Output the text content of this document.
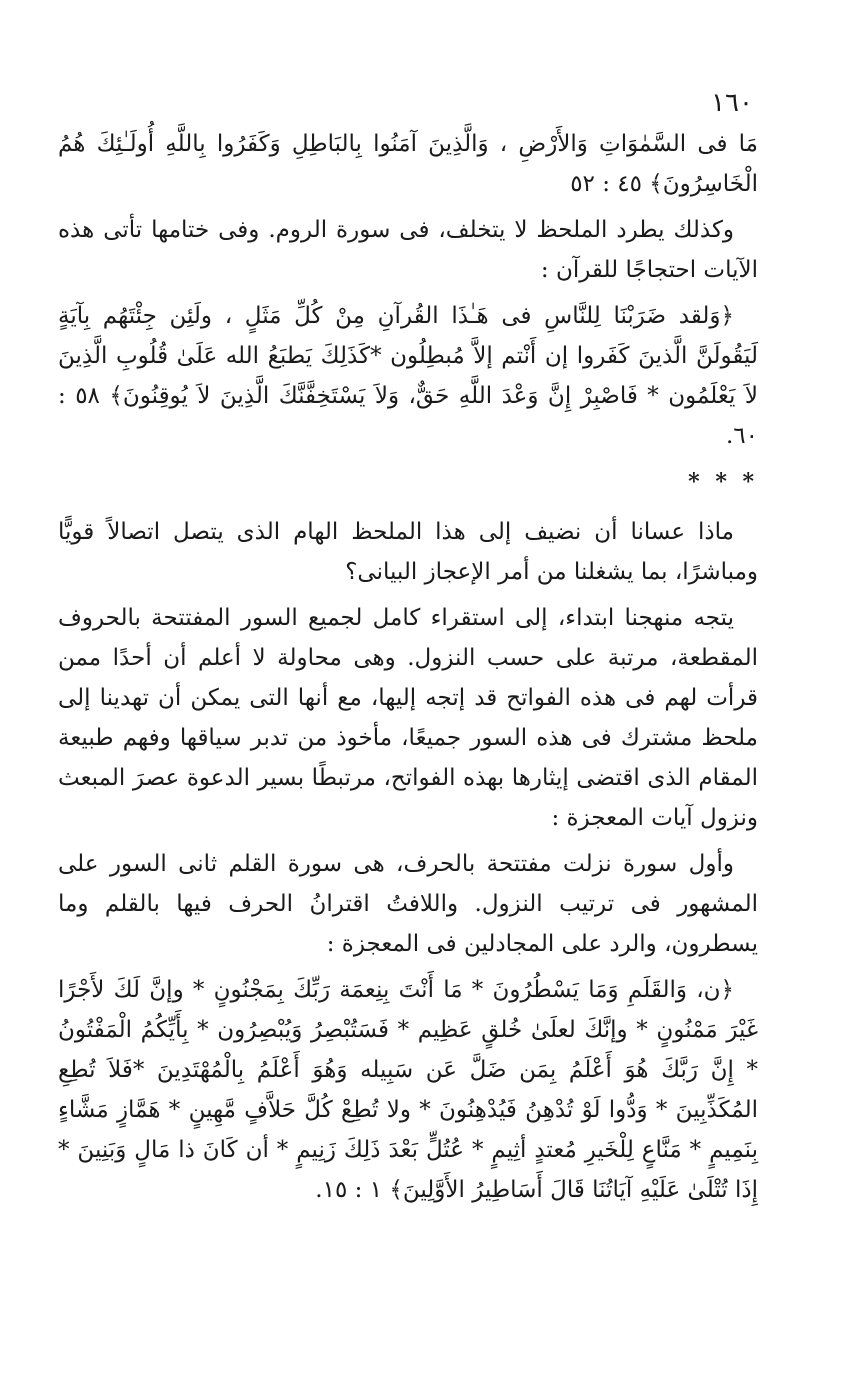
١٦٠

مَا فى السَّمٰوَاتِ وَالأَرْضِ ، وَالَّذِينَ آمَنُوا بِالبَاطِلِ وَكَفَرُوا بِاللَّهِ أُولَـٰئِكَ هُمُ الْخَاسِرُونَ﴾ ٤٥ : ٥٢

وكذلك يطرد الملحظ لا يتخلف، فى سورة الروم. وفى ختامها تأتى هذه الآيات احتجاجًا للقرآن :

﴿وَلقد ضَرَبْنَا لِلنَّاسِ فى هَـٰذَا القُرآنِ مِنْ كُلِّ مَثَلٍ ، ولَئِن جِئْتَهُم بِآيَةٍ لَيَقُولَنَّ الَّذينَ كَفَروا إن أَنْتم إلاَّ مُبطِلُون *كَذَلِكَ يَطبَعُ الله عَلَىٰ قُلُوبِ الَّذِينَ لاَ يَعْلَمُون * فَاصْبِرْ إِنَّ وَعْدَ اللَّهِ حَقٌّ، وَلاَ يَسْتَخِفَّنَّكَ الَّذِينَ لاَ يُوقِنُونَ﴾ ٥٨ : ٦٠.

* * *

ماذا عسانا أن نضيف إلى هذا الملحظ الهام الذى يتصل اتصالاً قويًّا ومباشرًا، بما يشغلنا من أمر الإعجاز البيانى؟

يتجه منهجنا ابتداء، إلى استقراء كامل لجميع السور المفتتحة بالحروف المقطعة، مرتبة على حسب النزول. وهى محاولة لا أعلم أن أحدًا ممن قرأت لهم فى هذه الفواتح قد إتجه إليها، مع أنها التى يمكن أن تهدينا إلى ملحظ مشترك فى هذه السور جميعًا، مأخوذ من تدبر سياقها وفهم طبيعة المقام الذى اقتضى إيثارها بهذه الفواتح، مرتبطًا بسير الدعوة عصرَ المبعث ونزول آيات المعجزة :

وأول سورة نزلت مفتتحة بالحرف، هى سورة القلم ثانى السور على المشهور فى ترتيب النزول. واللافتُ اقترانُ الحرف فيها بالقلم وما يسطرون، والرد على المجادلين فى المعجزة :

﴿ن، وَالقَلَمِ وَمَا يَسْطُرُونَ * مَا أَنْتَ بِنِعمَة رَبِّكَ بِمَجْنُونٍ * وإنَّ لَكَ لأَجْرًا غَيْرَ مَمْنُونٍ * وإنَّكَ لعلَىٰ خُلقٍ عَظِيم * فَسَتُبْصِرُ وَيُبْصِرُون * بِأَيِّكُمُ الْمَفْتُونُ * إِنَّ رَبَّكَ هُوَ أَعْلَمُ بِمَن ضَلَّ عَن سَبِيله وَهُوَ أَعْلَمُ بِالْمُهْتَدِينَ *فَلاَ تُطِعِ المُكَذِّبِينَ * وَدُّوا لَوْ تُدْهِنُ فَيُدْهِنُونَ * ولا تُطِعْ كُلَّ حَلاَّفٍ مَّهِينٍ * هَمَّازٍ مَشَّاءٍ بِنَمِيمٍ * مَنَّاعٍ لِلْخَيرِ مُعتدٍ أثِيمٍ * عُتُلٍّ بَعْدَ ذَلِكَ زَنِيمٍ * أن كَانَ ذا مَالٍ وَبَنِينَ * إِذَا تُتْلَىٰ عَلَيْهِ آيَاتُنَا قَالَ أَسَاطِيرُ الأَوَّلِينَ﴾ ١ : ١٥.
